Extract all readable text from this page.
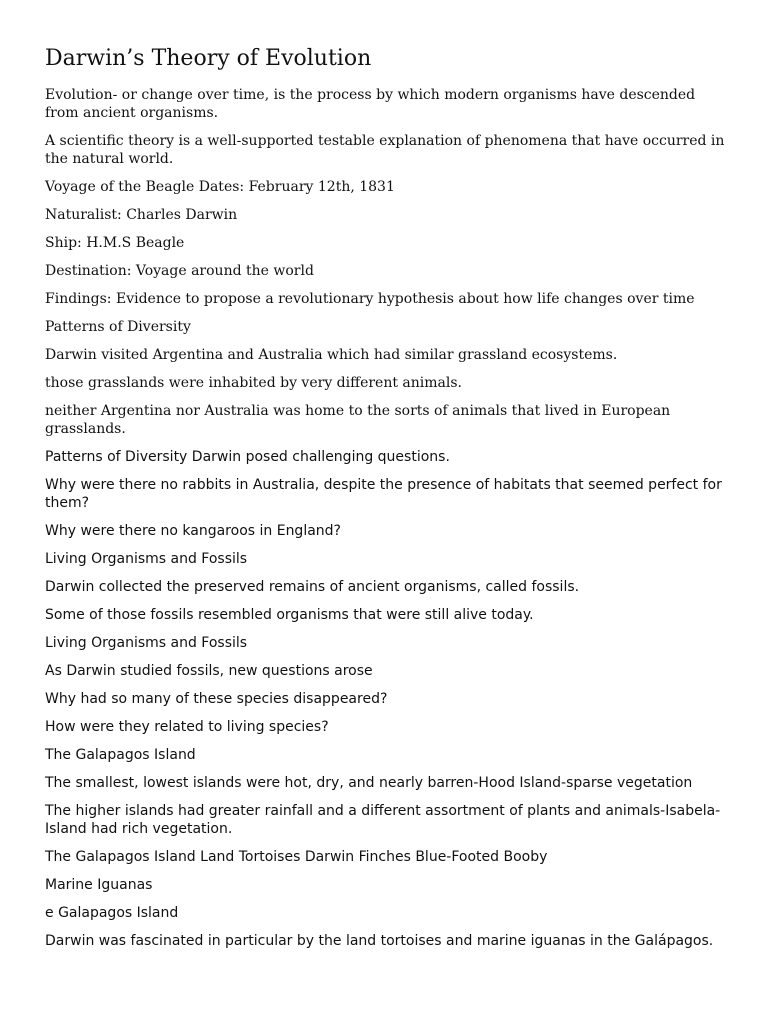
Darwin’s Theory of Evolution

Evolution- or change over time, is the process by which modern organisms have descended from ancient organisms.

A scientific theory is a well-supported testable explanation of phenomena that have occurred in the natural world.

Voyage of the Beagle Dates: February 12th, 1831

Naturalist: Charles Darwin

Ship: H.M.S Beagle

Destination: Voyage around the world

Findings: Evidence to propose a revolutionary hypothesis about how life changes over time

Patterns of Diversity

Darwin visited Argentina and Australia which had similar grassland ecosystems.

those grasslands were inhabited by very different animals.

neither Argentina nor Australia was home to the sorts of animals that lived in European grasslands.

Patterns of Diversity Darwin posed challenging questions.

Why were there no rabbits in Australia, despite the presence of habitats that seemed perfect for them?

Why were there no kangaroos in England?

Living Organisms and Fossils

Darwin collected the preserved remains of ancient organisms, called fossils.

Some of those fossils resembled organisms that were still alive today.

Living Organisms and Fossils

As Darwin studied fossils, new questions arose

Why had so many of these species disappeared?

How were they related to living species?

The Galapagos Island

The smallest, lowest islands were hot, dry, and nearly barren-Hood Island-sparse vegetation

The higher islands had greater rainfall and a different assortment of plants and animals-Isabela-Island had rich vegetation.

The Galapagos Island Land Tortoises Darwin Finches Blue-Footed Booby

Marine Iguanas

e Galapagos Island

Darwin was fascinated in particular by the land tortoises and marine iguanas in the Galápagos.
